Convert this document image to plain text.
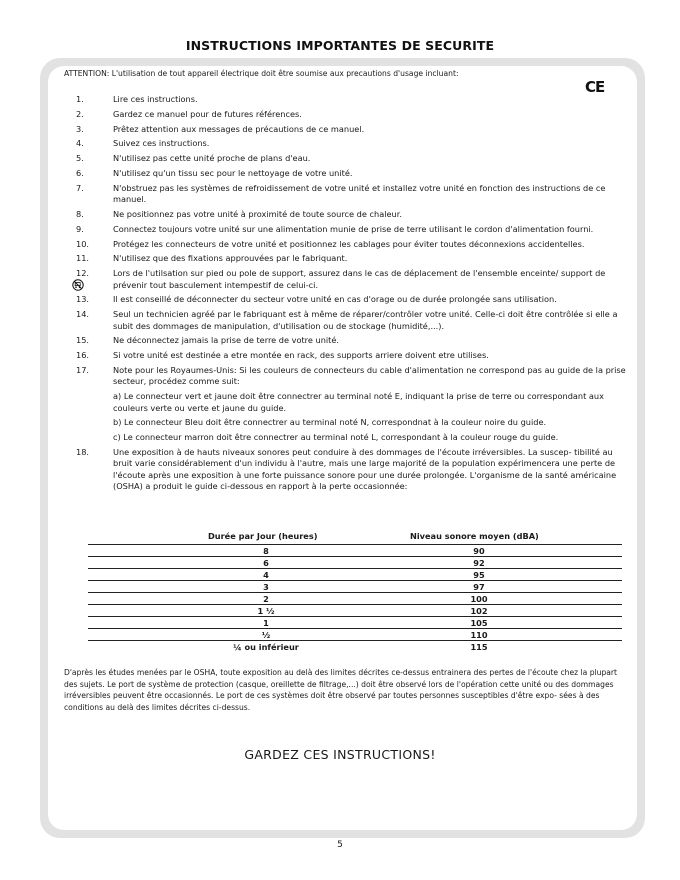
INSTRUCTIONS IMPORTANTES DE SECURITE
ATTENTION: L'utilisation de tout appareil électrique doit être soumise aux precautions d'usage incluant:
CE
1.	Lire ces instructions.
2.	Gardez ce manuel pour de futures références.
3.	Prêtez attention aux messages de précautions de ce manuel.
4.	Suivez ces instructions.
5.	N'utilisez pas cette unité proche de plans d'eau.
6.	N'utilisez qu'un tissu sec pour le nettoyage de votre unité.
7.	N'obstruez pas les systèmes de refroidissement de votre unité et installez votre unité en fonction des instructions de ce manuel.
8.	Ne positionnez pas votre unité à proximité de toute source de chaleur.
9.	Connectez toujours votre unité sur une alimentation munie de prise de terre utilisant le cordon d'alimentation fourni.
10.	Protégez les connecteurs de votre unité et positionnez les cablages pour éviter toutes déconnexions accidentelles.
11.	N'utilisez que des fixations approuvées par le fabriquant.
12.	Lors de l'utilsation sur pied ou pole de support, assurez dans le cas de déplacement de l'ensemble enceinte/ support de prévenir tout basculement intempestif de celui-ci.
13.	Il est conseillé de déconnecter du secteur votre unité en cas d'orage ou de durée prolongée sans utilisation.
14.	Seul un technicien agréé par le fabriquant est à même de réparer/contrôler votre unité. Celle-ci doit être contrôlée si elle a subit des dommages de manipulation, d'utilisation ou de stockage (humidité,...).
15.	Ne déconnectez jamais la prise de terre de votre unité.
16.	Si votre unité est destinée a etre montée en rack, des supports arriere doivent etre utilises.
17.	Note pour les Royaumes-Unis: Si les couleurs de connecteurs du cable d'alimentation ne correspond pas au guide de la prise secteur, procédez comme suit:
a) Le connecteur vert et jaune doit être connectrer au terminal noté E, indiquant la prise de terre ou correspondant aux couleurs verte ou verte et jaune du guide.
b) Le connecteur Bleu doit être connectrer au terminal noté N, correspondnat à la couleur noire du guide.
c) Le connecteur marron doit être connectrer au terminal noté L, correspondant à la couleur rouge du guide.
18.	Une exposition à de hauts niveaux sonores peut conduire à des dommages de l'écoute irréversibles. La suscep- tibilité au bruit varie considérablement d'un individu à l'autre, mais une large majorité de la population expérimencera une perte de l'écoute après une exposition à une forte puissance sonore pour une durée prolongée. L'organisme de la santé américaine (OSHA) a produit le guide ci-dessous en rapport à la perte occasionnée:
Durée par Jour (heures)	Niveau sonore moyen (dBA)
8	90
6	92
4	95
3	97
2	100
1 ½	102
1	105
½	110
¼ ou inférieur	115
D'après les études menées par le OSHA, toute exposition au delà des limites décrites ce-dessus entrainera des pertes de l'écoute chez la plupart des sujets. Le port de système de protection (casque, oreillette de filtrage,...) doit être observé lors de l'opération cette unité ou des dommages irréversibles peuvent être occasionnés. Le port de ces systèmes doit être observé par toutes personnes susceptibles d'être expo- sées à des conditions au delà des limites décrites ci-dessus.
GARDEZ CES INSTRUCTIONS!
5
